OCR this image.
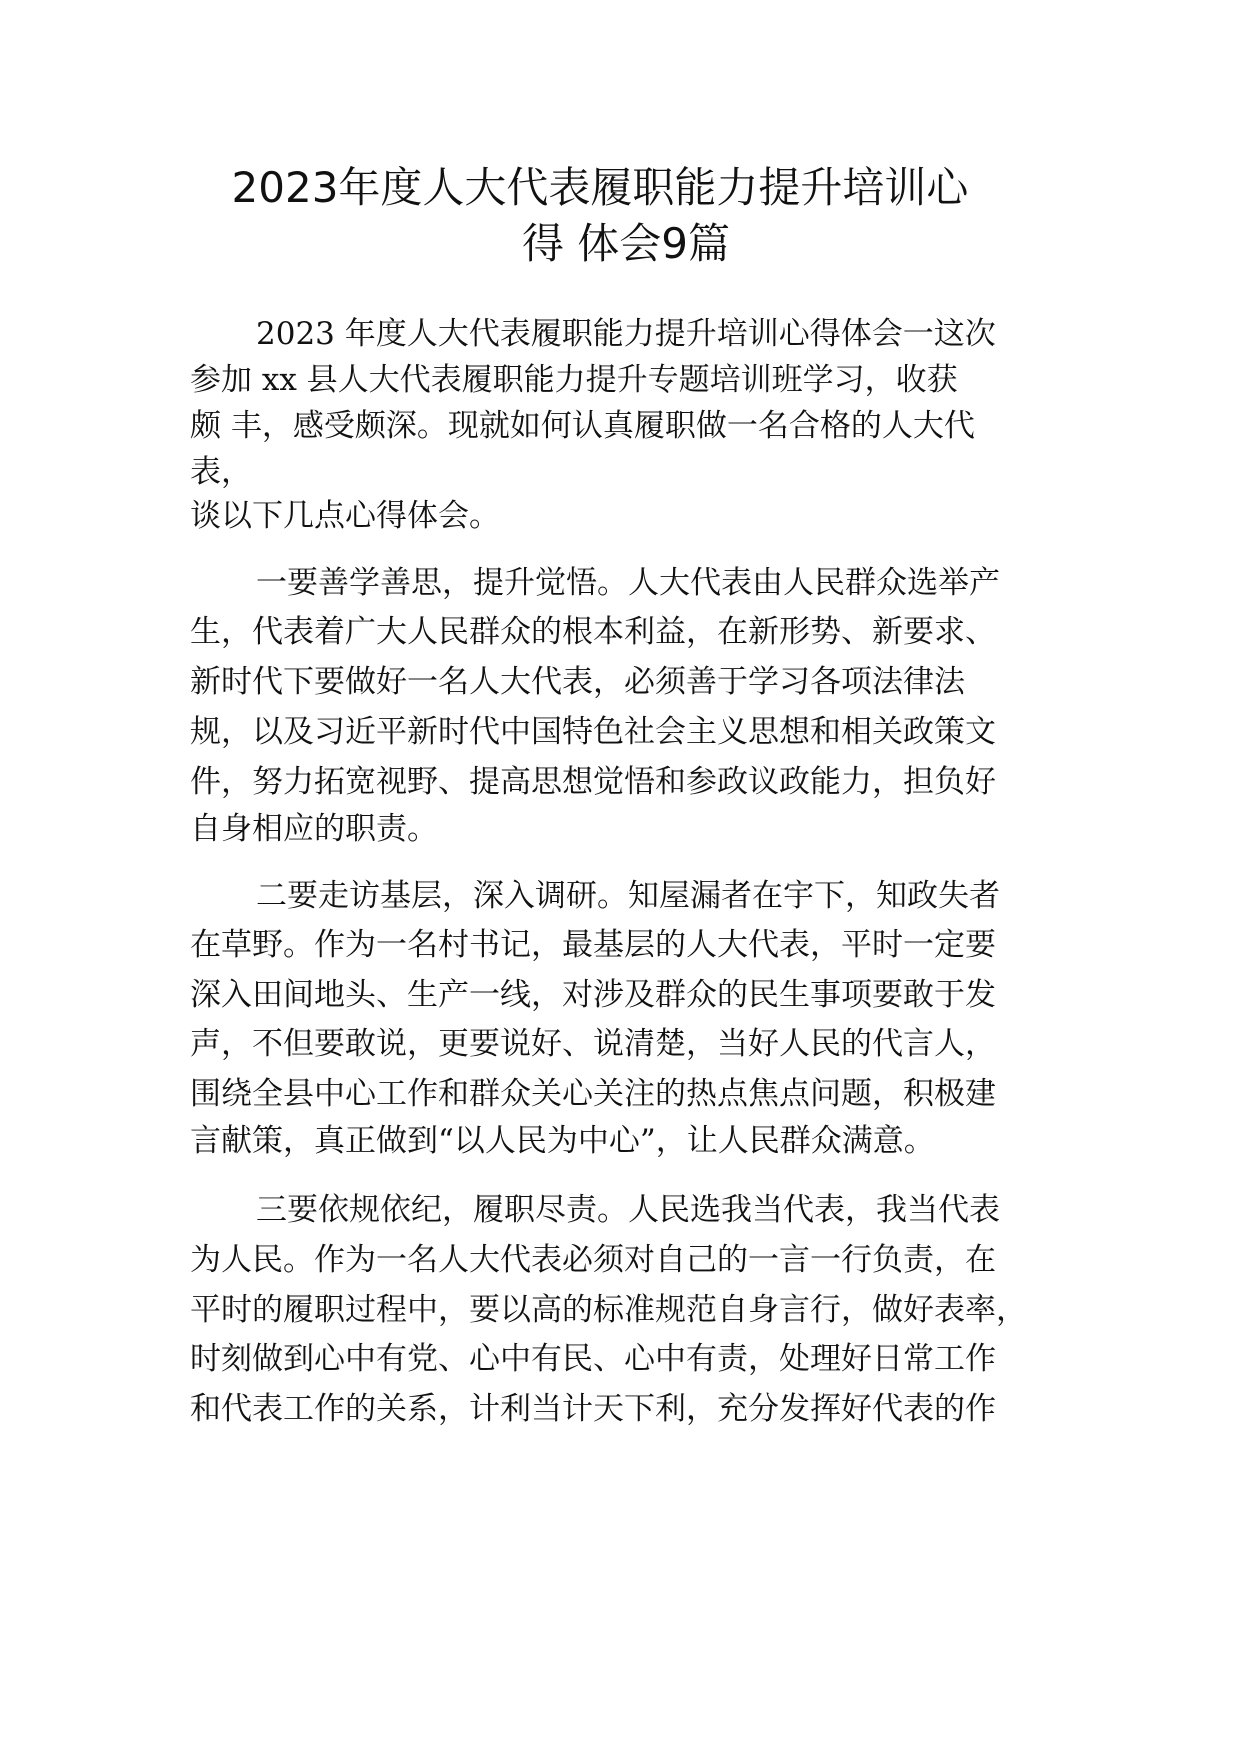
2023年度人大代表履职能力提升培训心
得 体会9篇
2023 年度人大代表履职能力提升培训心得体会一这次
参加 xx 县人大代表履职能力提升专题培训班学习，收获
颇 丰，感受颇深。现就如何认真履职做一名合格的人大代
表，
谈以下几点心得体会。
一要善学善思，提升觉悟。人大代表由人民群众选举产
生，代表着广大人民群众的根本利益，在新形势、新要求、
新时代下要做好一名人大代表，必须善于学习各项法律法
规，以及习近平新时代中国特色社会主义思想和相关政策文
件，努力拓宽视野、提高思想觉悟和参政议政能力，担负好
自身相应的职责。
二要走访基层，深入调研。知屋漏者在宇下，知政失者
在草野。作为一名村书记，最基层的人大代表，平时一定要
深入田间地头、生产一线，对涉及群众的民生事项要敢于发
声，不但要敢说，更要说好、说清楚，当好人民的代言人，
围绕全县中心工作和群众关心关注的热点焦点问题，积极建
言献策，真正做到“以人民为中心”，让人民群众满意。
三要依规依纪，履职尽责。人民选我当代表，我当代表
为人民。作为一名人大代表必须对自己的一言一行负责，在
平时的履职过程中，要以高的标准规范自身言行，做好表率，
时刻做到心中有党、心中有民、心中有责，处理好日常工作
和代表工作的关系，计利当计天下利，充分发挥好代表的作
